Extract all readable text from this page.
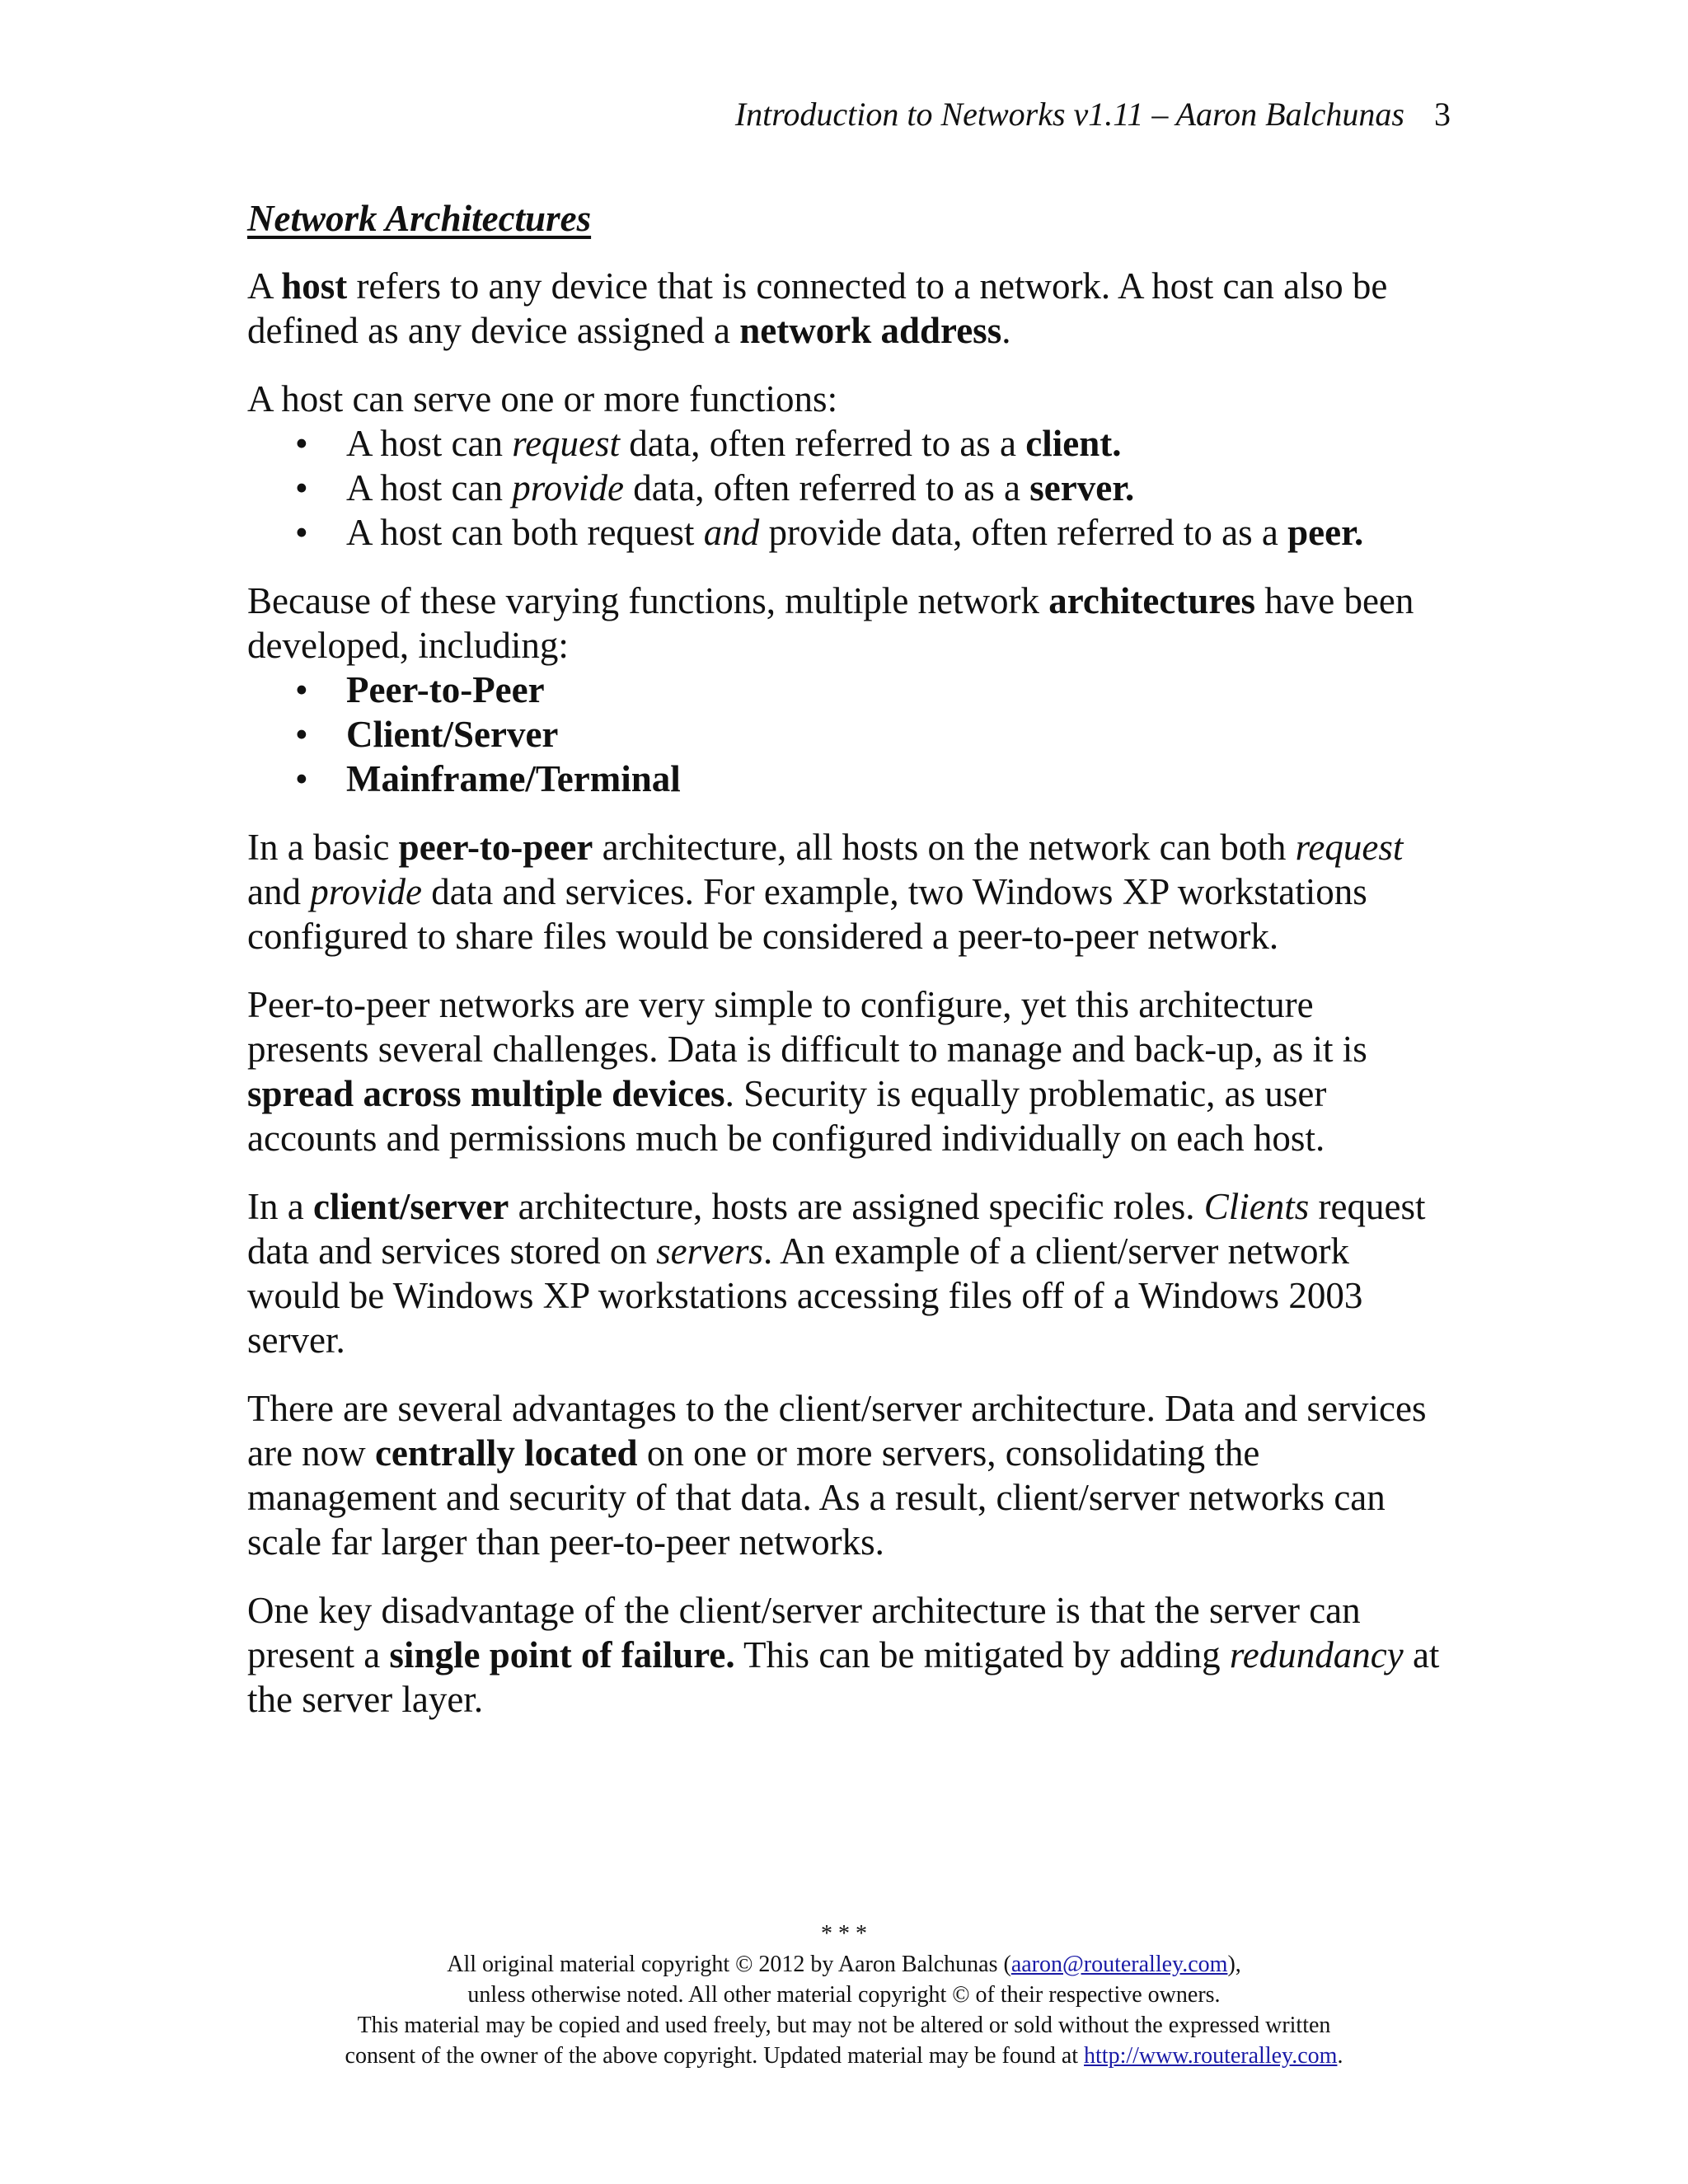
Introduction to Networks v1.11 – Aaron Balchunas 3
Network Architectures

A host refers to any device that is connected to a network. A host can also be defined as any device assigned a network address.

A host can serve one or more functions:

• A host can request data, often referred to as a client.
• A host can provide data, often referred to as a server.
• A host can both request and provide data, often referred to as a peer.

Because of these varying functions, multiple network architectures have been developed, including:

• Peer-to-Peer
• Client/Server
• Mainframe/Terminal

In a basic peer-to-peer architecture, all hosts on the network can both request and provide data and services. For example, two Windows XP workstations configured to share files would be considered a peer-to-peer network.

Peer-to-peer networks are very simple to configure, yet this architecture presents several challenges. Data is difficult to manage and back-up, as it is spread across multiple devices. Security is equally problematic, as user accounts and permissions much be configured individually on each host.

In a client/server architecture, hosts are assigned specific roles. Clients request data and services stored on servers. An example of a client/server network would be Windows XP workstations accessing files off of a Windows 2003 server.

There are several advantages to the client/server architecture. Data and services are now centrally located on one or more servers, consolidating the management and security of that data. As a result, client/server networks can scale far larger than peer-to-peer networks.

One key disadvantage of the client/server architecture is that the server can present a single point of failure. This can be mitigated by adding redundancy at the server layer.

* * *
All original material copyright © 2012 by Aaron Balchunas (aaron@routeralley.com),
unless otherwise noted. All other material copyright © of their respective owners.
This material may be copied and used freely, but may not be altered or sold without the expressed written
consent of the owner of the above copyright. Updated material may be found at http://www.routeralley.com.
